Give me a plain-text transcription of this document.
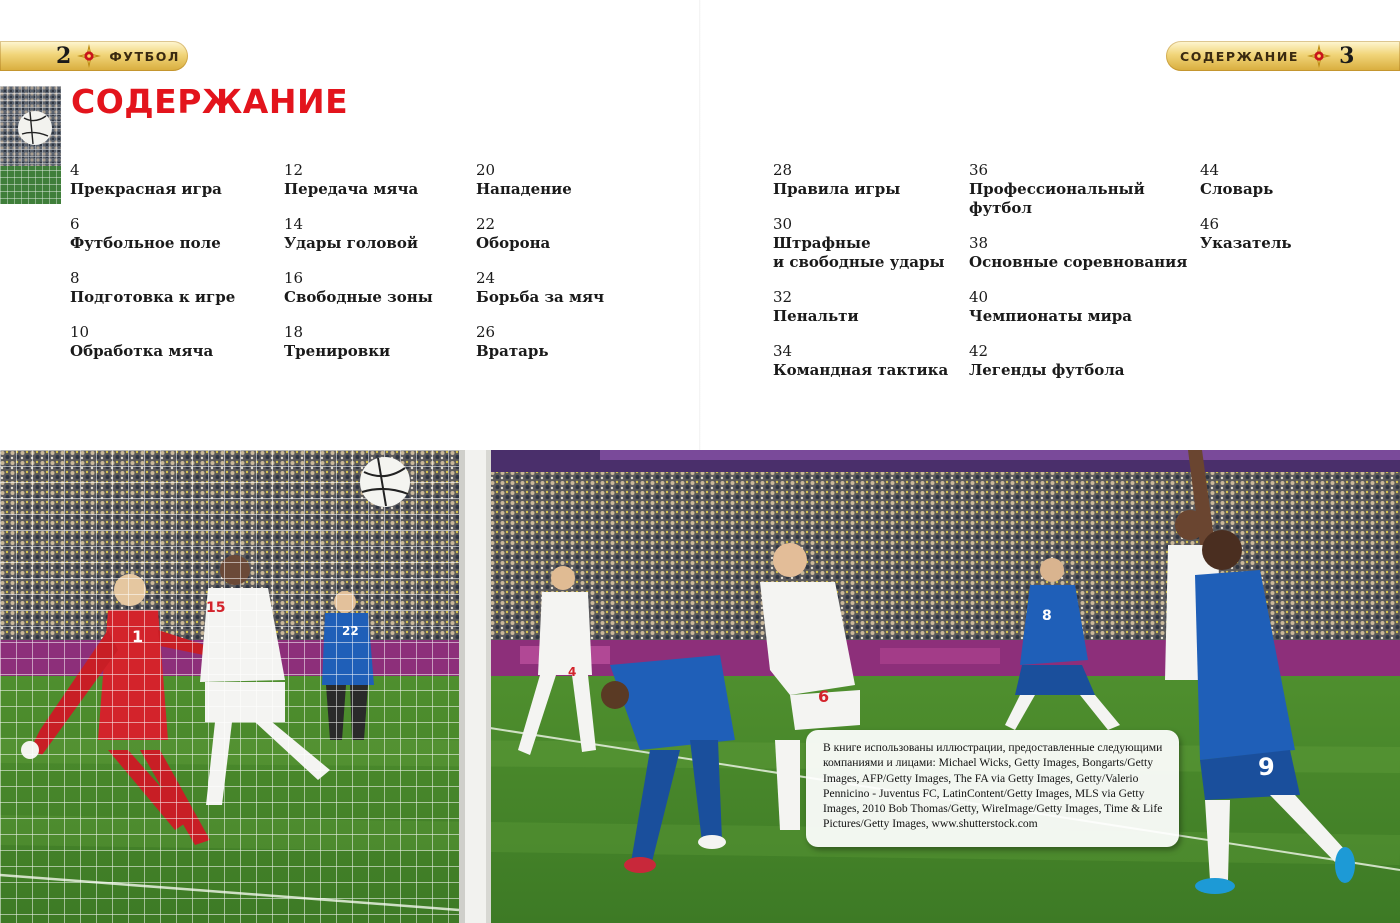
2	ФУТБОЛ	СОДЕРЖАНИЕ 3
СОДЕРЖАНИЕ
4
Прекрасная игра
6
Футбольное поле
8
Подготовка к игре
10
Обработка мяча
12
Передача мяча
14
Удары головой
16
Свободные зоны
18
Тренировки
20
Нападение
22
Оборона
24
Борьба за мяч
26
Вратарь
28
Правила игры
30
Штрафные
и свободные удары
32
Пенальти
34
Командная тактика
36
Профессиональный
футбол
38
Основные соревнования
40
Чемпионаты мира
42
Легенды футбола
44
Словарь
46
Указатель
1
15
22
6
4
8
9

В книге использованы иллюстрации, предоставленные следующими компаниями и лицами: Michael Wicks, Getty Images, Bongarts/Getty Images, AFP/Getty Images, The FA via Getty Images, Getty/Valerio Pennicino - Juventus FC, LatinContent/Getty Images, MLS via Getty Images, 2010 Bob Thomas/Getty, WireImage/Getty Images, Time & Life Pictures/Getty Images, www.shutterstock.com
